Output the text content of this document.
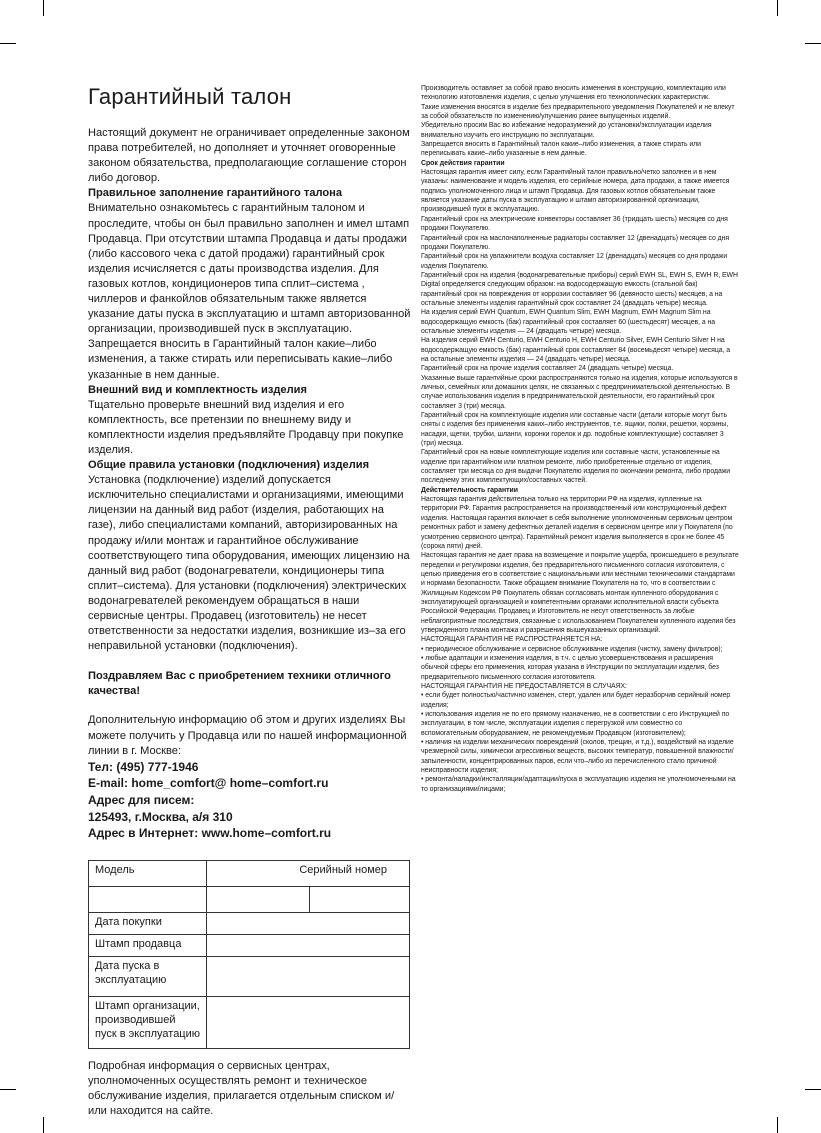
Гарантийный талон

Настоящий документ не ограничивает определенные законом права потребителей, но дополняет и уточняет оговоренные законом обязательства, предполагающие соглашение сторон либо договор.

Правильное заполнение гарантийного талона

Внимательно ознакомьтесь с гарантийным талоном и проследите, чтобы он был правильно заполнен и имел штамп Продавца. При отсутствии штампа Продавца и даты продажи (либо кассового чека с датой продажи) гарантийный срок изделия исчисляется с даты производства изделия. Для газовых котлов, кондиционеров типа сплит–система , чиллеров и фанкойлов обязательным также является указание даты пуска в эксплуатацию и штамп авторизованной организации, производившей пуск в эксплуатацию. Запрещается вносить в Гарантийный талон какие–либо изменения, а также стирать или переписывать какие–либо указанные в нем данные.

Внешний вид и комплектность изделия

Тщательно проверьте внешний вид изделия и его комплектность, все претензии по внешнему виду и комплектности изделия предъявляйте Продавцу при покупке изделия.

Общие правила установки (подключения) изделия

Установка (подключение) изделий допускается исключительно специалистами и организациями, имеющими лицензии на данный вид работ (изделия, работающих на газе), либо специалистами компаний, авторизированных на продажу и/или монтаж и гарантийное обслуживание соответствующего типа оборудования, имеющих лицензию на данный вид работ (водонагреватели, кондиционеры типа сплит–система). Для установки (подключения) электрических водонагревателей рекомендуем обращаться в наши сервисные центры. Продавец (изготовитель) не несет ответственности за недостатки изделия, возникшие из–за его неправильной установки (подключения).

Поздравляем Вас с приобретением техники отличного качества!

Дополнительную информацию об этом и других изделиях Вы можете получить у Продавца или по нашей информационной линии в г. Москве:

Тел: (495) 777-1946

E-mail: home_comfort@ home–comfort.ru

Адрес для писем:

125493, г.Москва, а/я 310

Адрес в Интернет: www.home–comfort.ru

Модель	Серийный номер	

Дата покупки		
Штамп продавца		
Дата пуска в эксплуатацию		
Штамп организации, производившей пуск в эксплуатацию		

Подробная информация о сервисных центрах, уполномоченных осуществлять ремонт и техническое обслуживание изделия, прилагается отдельным списком и/или находится на сайте.

Производитель оставляет за собой право вносить изменения в конструкцию, комплектацию или технологию изготовления изделия, с целью улучшения его технологических характеристик.

Такие изменения вносятся в изделие без предварительного уведомления Покупателей и не влекут за собой обязательств по изменению/улучшению ранее выпущенных изделий.

Убедительно просим Вас во избежание недоразумений до установки/эксплуатации изделия внимательно изучить его инструкцию по эксплуатации.

Запрещается вносить в Гарантийный талон какие–либо изменения, а также стирать или переписывать какие–либо указанные в нем данные.

Срок действия гарантии

Настоящая гарантия имеет силу, если Гарантийный талон правильно/четко заполнен и в нем указаны: наименование и модель изделия, его серийные номера, дата продажи, а также имеется подпись уполномоченного лица и штамп Продавца. Для газовых котлов обязательным также является указание даты пуска в эксплуатацию и штамп авторизированной организации, производившей пуск в эксплуатацию.

Гарантийный срок на электрические конвекторы составляет 36 (тридцать шесть) месяцев со дня продажи Покупателю.

Гарантийный срок на маслонаполненные радиаторы составляет 12 (двенадцать) месяцев со дня продажи Покупателю.

Гарантийный срок на увлажнители воздуха составляет 12 (двенадцать) месяцев со дня продажи изделия Покупателю.

Гарантийный срок на изделия (водонагревательные приборы) серий EWH SL, EWH S, EWH R, EWH Digital определяется следующим образом: на водосодержащую емкость (стальной бак) гарантийный срок на повреждения от коррозии составляет 96 (девяносто шесть) месяцев, а на остальные элементы изделия гарантийный срок составляет 24 (двадцать четыре) месяца.

На изделия серий EWH Quantum, EWH Quantum Slim, EWH Magnum, EWH Magnum Slim на водосодержащую емкость (бак) гарантийный срок составляет 60 (шестьдесят) месяцев, а на остальные элементы изделия — 24 (двадцать четыре) месяца.

На изделия серий EWH Centurio, EWH Centurio H, EWH Centurio Silver, EWH Centurio Silver H на водосодержащую емкость (бак) гарантийный срок составляет 84 (восемьдесят четыре) месяца, а на остальные элементы изделия — 24 (двадцать четыре) месяца.

Гарантийный срок на прочие изделия составляет 24 (двадцать четыре) месяца.

Указанные выше гарантийные сроки распространяются только на изделия, которые используются в личных, семейных или домашних целях, не связанных с предпринимательской деятельностью. В случае использования изделия в предпринимательской деятельности, его гарантийный срок составляет 3 (три) месяца.

Гарантийный срок на комплектующие изделия или составные части (детали которые могут быть сняты с изделия без применения каких–либо инструментов, т.е. ящики, полки, решетки, корзины, насадки, щетки, трубки, шланги, коронки горелок и др. подобные комплектующие) составляет 3 (три) месяца.

Гарантийный срок на новые комплектующие изделия или составные части, установленные на изделие при гарантийном или платном ремонте, либо приобретенные отдельно от изделия, составляет три месяца со дня выдачи Покупателю изделия по окончании ремонта, либо продажи последнему этих комплектующих/составных частей.

Действительность гарантии

Настоящая гарантия действительна только на территории РФ на изделия, купленные на территории РФ. Гарантия распространяется на производственный или конструкционный дефект изделия. Настоящая гарантия включает в себя выполнение уполномоченным сервисным центром ремонтных работ и замену дефектных деталей изделия в сервисном центре или у Покупателя (по усмотрению сервисного центра). Гарантийный ремонт изделия выполняется в срок не более 45 (сорока пяти) дней.

Настоящая гарантия не дает права на возмещение и покрытие ущерба, происшедшего в результате переделки и регулировки изделия, без предварительного письменного согласия изготовителя, с целью приведения его в соответствие с национальными или местными техническими стандартами и нормами безопасности. Также обращаем внимание Покупателя на то, что в соответствии с Жилищным Кодексом РФ Покупатель обязан согласовать монтаж купленного оборудования с эксплуатирующей организацией и компетентными органами исполнительной власти субъекта Российской Федерации. Продавец и Изготовитель не несут ответственность за любые неблагоприятные последствия, связанные с использованием Покупателем купленного изделия без утвержденного плана монтажа и разрешения вышеуказанных организаций.

НАСТОЯЩАЯ ГАРАНТИЯ НЕ РАСПРОСТРАНЯЕТСЯ НА:

• периодическое обслуживание и сервисное обслуживание изделия (чистку, замену фильтров);

• любые адаптации и изменения изделия, в т.ч. с целью усовершенствования и расширения обычной сферы его применения, которая указана в Инструкции по эксплуатации изделия, без предварительного письменного согласия изготовителя.

НАСТОЯЩАЯ ГАРАНТИЯ НЕ ПРЕДОСТАВЛЯЕТСЯ В СЛУЧАЯХ:

• если будет полностью/частично изменен, стерт, удален или будет неразборчив серийный номер изделия;

• использования изделия не по его прямому назначению, не в соответствии с его Инструкцией по эксплуатации, в том числе, эксплуатации изделия с перегрузкой или совместно со вспомогательным оборудованием, не рекомендуемым Продавцом (изготовителем);

• наличия на изделии механических повреждений (сколов, трещин, и т.д.), воздействий на изделие чрезмерной силы, химически агрессивных веществ, высоких температур, повышенной влажности/запыленности, концентрированных паров, если что–либо из перечисленного стало причиной неисправности изделия;

• ремонта/наладки/инсталляции/адаптации/пуска в эксплуатацию изделия не уполномоченными на то организациями/лицами;
